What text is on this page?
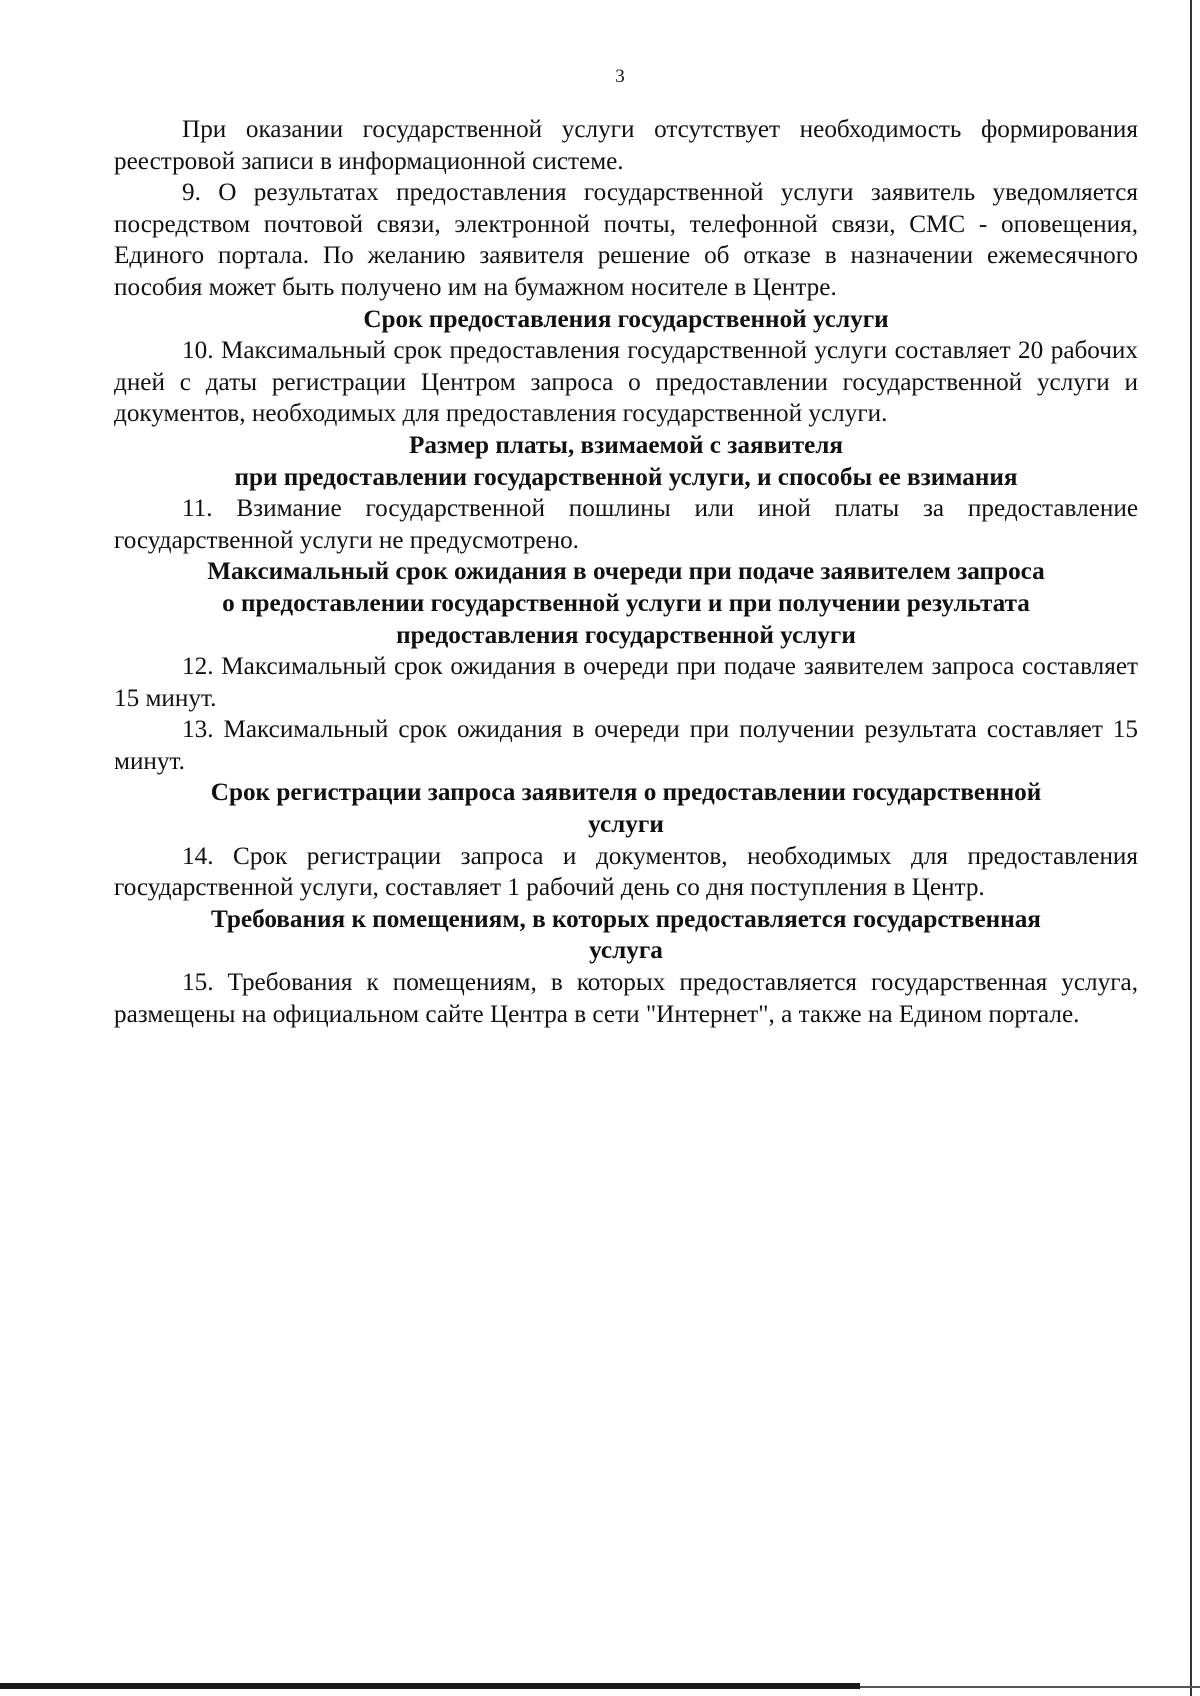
3

При оказании государственной услуги отсутствует необходимость формирования реестровой записи в информационной системе.

9. О результатах предоставления государственной услуги заявитель уведомляется посредством почтовой связи, электронной почты, телефонной связи, СМС - оповещения, Единого портала. По желанию заявителя решение об отказе в назначении ежемесячного пособия может быть получено им на бумажном носителе в Центре.

Срок предоставления государственной услуги

10. Максимальный срок предоставления государственной услуги составляет 20 рабочих дней с даты регистрации Центром запроса о предоставлении государственной услуги и документов, необходимых для предоставления государственной услуги.

Размер платы, взимаемой с заявителя
при предоставлении государственной услуги, и способы ее взимания

11. Взимание государственной пошлины или иной платы за предоставление государственной услуги не предусмотрено.

Максимальный срок ожидания в очереди при подаче заявителем запроса
о предоставлении государственной услуги и при получении результата
предоставления государственной услуги

12. Максимальный срок ожидания в очереди при подаче заявителем запроса составляет 15 минут.

13. Максимальный срок ожидания в очереди при получении результата составляет 15 минут.

Срок регистрации запроса заявителя о предоставлении государственной
услуги

14. Срок регистрации запроса и документов, необходимых для предоставления государственной услуги, составляет 1 рабочий день со дня поступления в Центр.

Требования к помещениям, в которых предоставляется государственная
услуга

15. Требования к помещениям, в которых предоставляется государственная услуга, размещены на официальном сайте Центра в сети "Интернет", а также на Едином портале.
